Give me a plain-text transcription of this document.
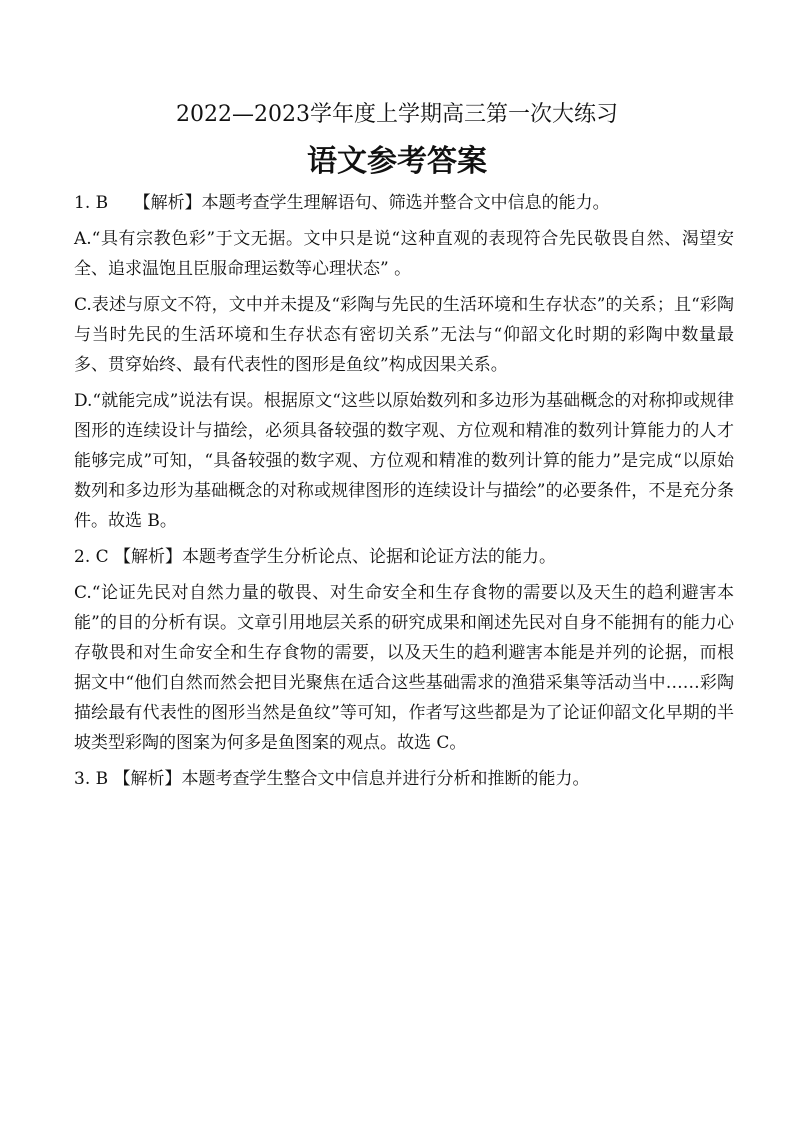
2022—2023学年度上学期高三第一次大练习
语文参考答案

1. B　　【解析】本题考查学生理解语句、筛选并整合文中信息的能力。

A.“具有宗教色彩”于文无据。文中只是说“这种直观的表现符合先民敬畏自然、渴望安全、追求温饱且臣服命理运数等心理状态” 。

C.表述与原文不符，文中并未提及“彩陶与先民的生活环境和生存状态”的关系；且“彩陶与当时先民的生活环境和生存状态有密切关系”无法与“仰韶文化时期的彩陶中数量最多、贯穿始终、最有代表性的图形是鱼纹”构成因果关系。

D.“就能完成”说法有误。根据原文“这些以原始数列和多边形为基础概念的对称抑或规律图形的连续设计与描绘，必须具备较强的数字观、方位观和精准的数列计算能力的人才能够完成”可知，“具备较强的数字观、方位观和精准的数列计算的能力”是完成“以原始数列和多边形为基础概念的对称或规律图形的连续设计与描绘”的必要条件，不是充分条件。故选 B。

2. C 【解析】本题考查学生分析论点、论据和论证方法的能力。

C.“论证先民对自然力量的敬畏、对生命安全和生存食物的需要以及天生的趋利避害本能”的目的分析有误。文章引用地层关系的研究成果和阐述先民对自身不能拥有的能力心存敬畏和对生命安全和生存食物的需要，以及天生的趋利避害本能是并列的论据，而根据文中“他们自然而然会把目光聚焦在适合这些基础需求的渔猎采集等活动当中……彩陶描绘最有代表性的图形当然是鱼纹”等可知，作者写这些都是为了论证仰韶文化早期的半坡类型彩陶的图案为何多是鱼图案的观点。故选 C。

3. B 【解析】本题考查学生整合文中信息并进行分析和推断的能力。
